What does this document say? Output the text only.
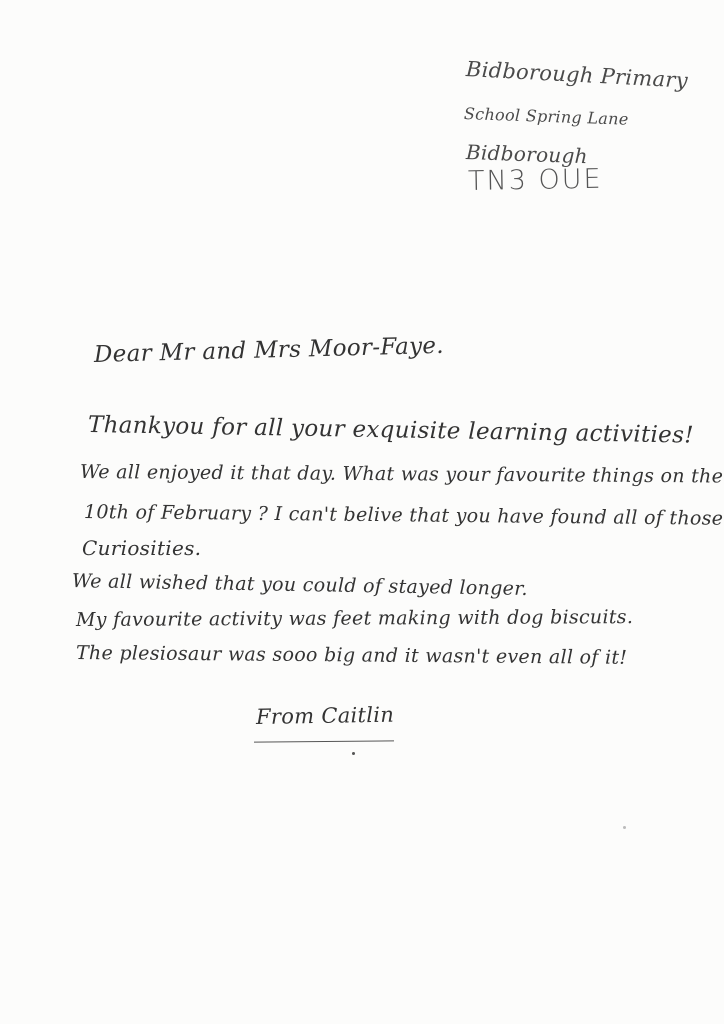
Bidborough Primary
School Spring Lane
Bidborough
TN3 OUE
Dear Mr and Mrs Moor-Faye.
Thankyou for all your exquisite learning activities!
We all enjoyed it that day. What was your favourite things on the
10th of February ? I can't belive that you have found all of those
Curiosities.
We all wished that you could of stayed longer.
My favourite activity was feet making with dog biscuits.
The plesiosaur was sooo big and it wasn't even all of it!
From Caitlin
